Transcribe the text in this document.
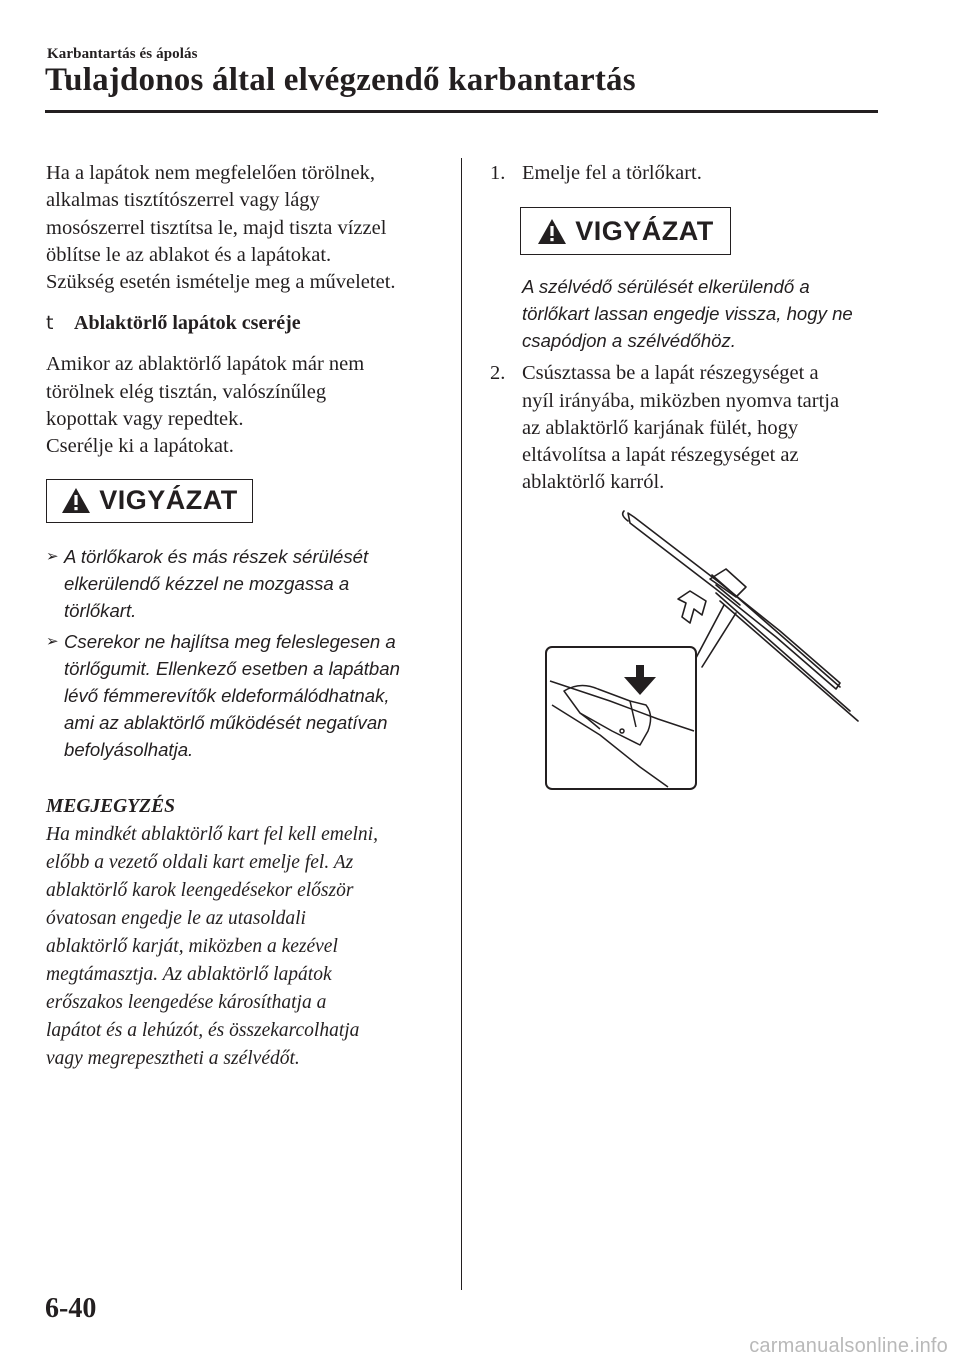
Karbantartás és ápolás
Tulajdonos által elvégzendő karbantartás

Ha a lapátok nem megfelelően törölnek,

alkalmas tisztítószerrel vagy lágy

mosószerrel tisztítsa le, majd tiszta vízzel

öblítse le az ablakot és a lapátokat.

Szükség esetén ismételje meg a műveletet.

t	Ablaktörlő lapátok cseréje

Amikor az ablaktörlő lapátok már nem

törölnek elég tisztán, valószínűleg

kopottak vagy repedtek.

Cserélje ki a lapátokat.

VIGYÁZAT
➢ A törlőkarok és más részek sérülését
elkerülendő kézzel ne mozgassa a
törlőkart.
➢ Cserekor ne hajlítsa meg feleslegesen a
törlőgumit. Ellenkező esetben a lapátban
lévő fémmerevítők eldeformálódhatnak,
ami az ablaktörlő működését negatívan
befolyásolhatja.
MEGJEGYZÉS
Ha mindkét ablaktörlő kart fel kell emelni,
előbb a vezető oldali kart emelje fel. Az
ablaktörlő karok leengedésekor először
óvatosan engedje le az utasoldali
ablaktörlő karját, miközben a kezével
megtámasztja. Az ablaktörlő lapátok
erőszakos leengedése károsíthatja a
lapátot és a lehúzót, és összekarcolhatja
vagy megrepesztheti a szélvédőt.
1. Emelje fel a törlőkart.
VIGYÁZAT
A szélvédő sérülését elkerülendő a
törlőkart lassan engedje vissza, hogy ne
csapódjon a szélvédőhöz.
2. Csúsztassa be a lapát részegységet a
nyíl irányába, miközben nyomva tartja
az ablaktörlő karjának fülét, hogy
eltávolítsa a lapát részegységet az
ablaktörlő karról.
6-40
carmanualsonline.info
